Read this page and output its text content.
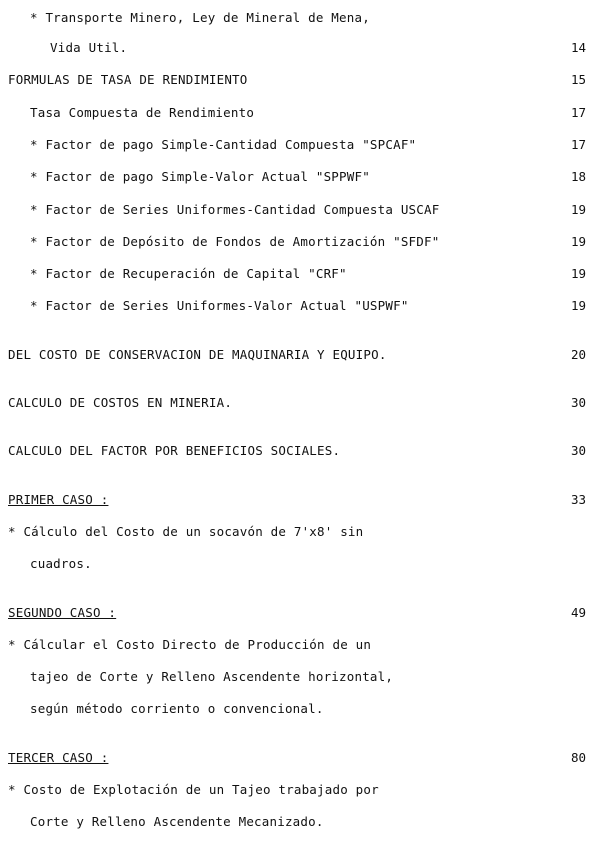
* Transporte Minero, Ley de Mineral de Mena,
Vida Util.	14
FORMULAS DE TASA DE RENDIMIENTO	15
Tasa Compuesta de Rendimiento	17
* Factor de pago Simple-Cantidad Compuesta "SPCAF"	17
* Factor de pago Simple-Valor Actual "SPPWF"	18
* Factor de Series Uniformes-Cantidad Compuesta USCAF	19
* Factor de Depósito de Fondos de Amortización "SFDF"	19
* Factor de Recuperación de Capital "CRF"	19
* Factor de Series Uniformes-Valor Actual "USPWF"	19
DEL COSTO DE CONSERVACION DE MAQUINARIA Y EQUIPO.	20
CALCULO DE COSTOS EN MINERIA.	30
CALCULO DEL FACTOR POR BENEFICIOS SOCIALES.	30
PRIMER CASO :	33
* Cálculo del Costo de un socavón de 7'x8' sin
cuadros.
SEGUNDO CASO :	49
* Cálcular el Costo Directo de Producción de un
tajeo de Corte y Relleno Ascendente horizontal,
según método corriento o convencional.
TERCER CASO :	80
* Costo de Explotación de un Tajeo trabajado por
Corte y Relleno Ascendente Mecanizado.
